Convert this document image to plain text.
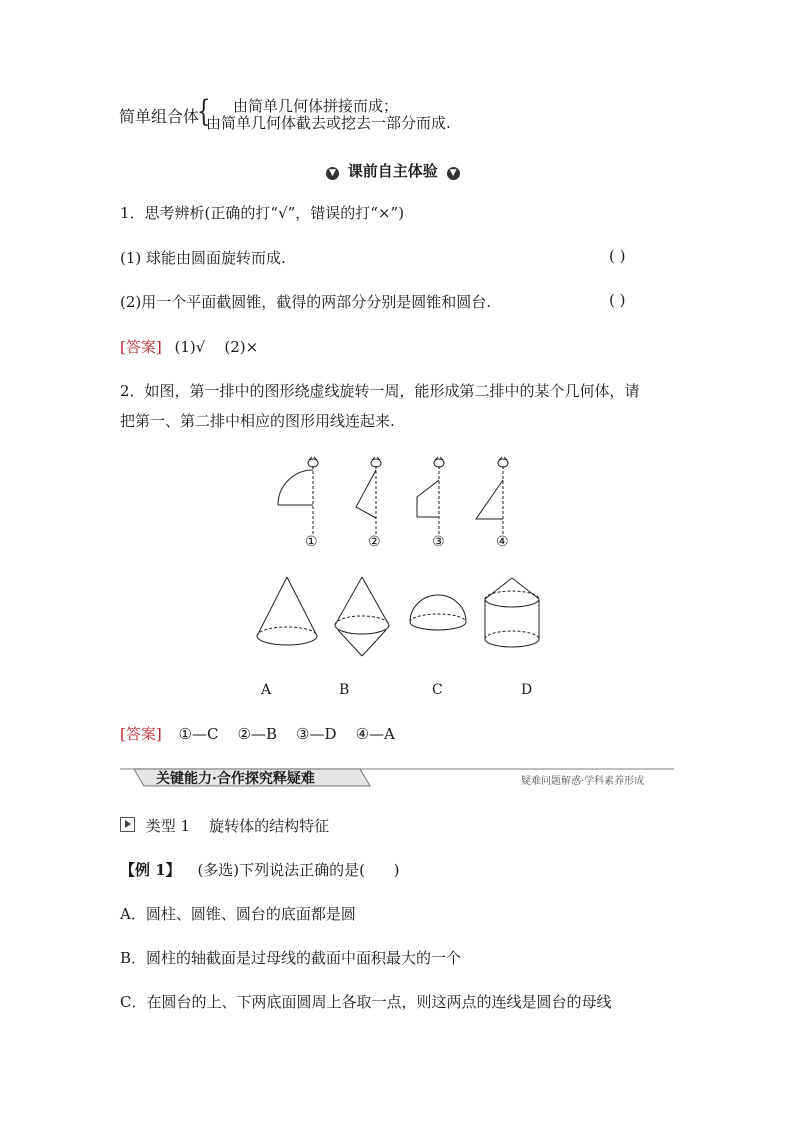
简单组合体
{ 由简单几何体拼接而成；
由简单几何体截去或挖去一部分而成.
▼ 课前自主体验 ▼
1．思考辨析(正确的打“√”，错误的打“×”)
(1) 球能由圆面旋转而成.	( )
(2)用一个平面截圆锥，截得的两部分分别是圆锥和圆台.	( )
[答案] (1)√    (2)×
2．如图，第一排中的图形绕虚线旋转一周，能形成第二排中的某个几何体，请
把第一、第二排中相应的图形用线连起来.
①	②	③	④
A	B	C	D
[答案] ①—C    ②—B    ③—D    ④—A
关键能力·合作探究释疑难	疑难问题解惑·学科素养形成
类型 1    旋转体的结构特征
【例 1】 (多选)下列说法正确的是(      )
A．圆柱、圆锥、圆台的底面都是圆
B．圆柱的轴截面是过母线的截面中面积最大的一个
C．在圆台的上、下两底面圆周上各取一点，则这两点的连线是圆台的母线
